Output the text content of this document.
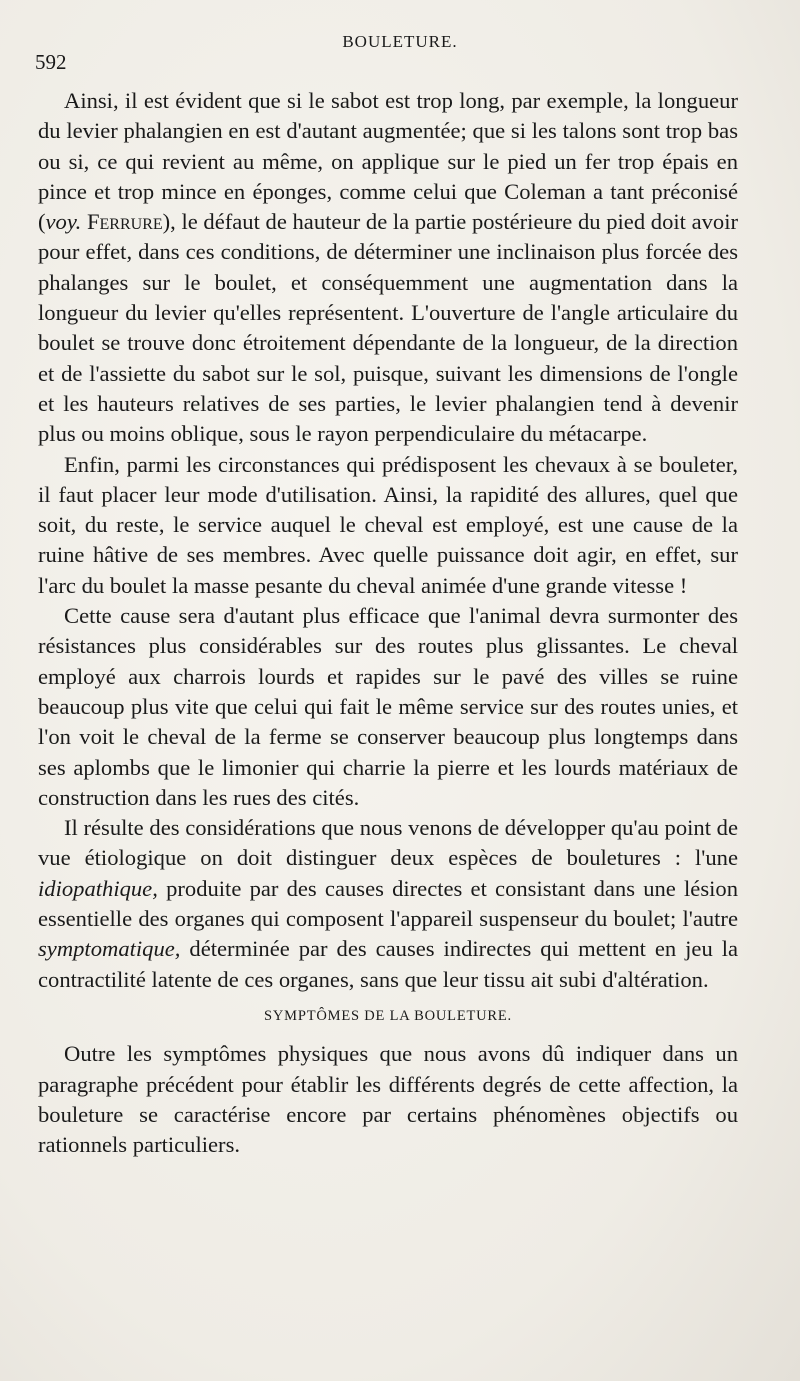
592
BOULETURE.

Ainsi, il est évident que si le sabot est trop long, par exemple, la longueur du levier phalangien en est d'autant augmentée; que si les talons sont trop bas ou si, ce qui revient au même, on applique sur le pied un fer trop épais en pince et trop mince en éponges, comme celui que Coleman a tant préconisé (voy. Ferrure), le défaut de hauteur de la partie postérieure du pied doit avoir pour effet, dans ces conditions, de déterminer une inclinaison plus forcée des phalanges sur le boulet, et conséquemment une augmentation dans la longueur du levier qu'elles représentent. L'ouverture de l'angle articulaire du boulet se trouve donc étroitement dépendante de la longueur, de la direction et de l'assiette du sabot sur le sol, puisque, suivant les dimensions de l'ongle et les hauteurs relatives de ses parties, le levier phalangien tend à devenir plus ou moins oblique, sous le rayon perpendiculaire du métacarpe.

Enfin, parmi les circonstances qui prédisposent les chevaux à se bouleter, il faut placer leur mode d'utilisation. Ainsi, la rapidité des allures, quel que soit, du reste, le service auquel le cheval est employé, est une cause de la ruine hâtive de ses membres. Avec quelle puissance doit agir, en effet, sur l'arc du boulet la masse pesante du cheval animée d'une grande vitesse !

Cette cause sera d'autant plus efficace que l'animal devra surmonter des résistances plus considérables sur des routes plus glissantes. Le cheval employé aux charrois lourds et rapides sur le pavé des villes se ruine beaucoup plus vite que celui qui fait le même service sur des routes unies, et l'on voit le cheval de la ferme se conserver beaucoup plus longtemps dans ses aplombs que le limonier qui charrie la pierre et les lourds matériaux de construction dans les rues des cités.

Il résulte des considérations que nous venons de développer qu'au point de vue étiologique on doit distinguer deux espèces de bouletures : l'une idiopathique, produite par des causes directes et consistant dans une lésion essentielle des organes qui composent l'appareil suspenseur du boulet; l'autre symptomatique, déterminée par des causes indirectes qui mettent en jeu la contractilité latente de ces organes, sans que leur tissu ait subi d'altération.

SYMPTÔMES DE LA BOULETURE.

Outre les symptômes physiques que nous avons dû indiquer dans un paragraphe précédent pour établir les différents degrés de cette affection, la bouleture se caractérise encore par certains phénomènes objectifs ou rationnels particuliers.
